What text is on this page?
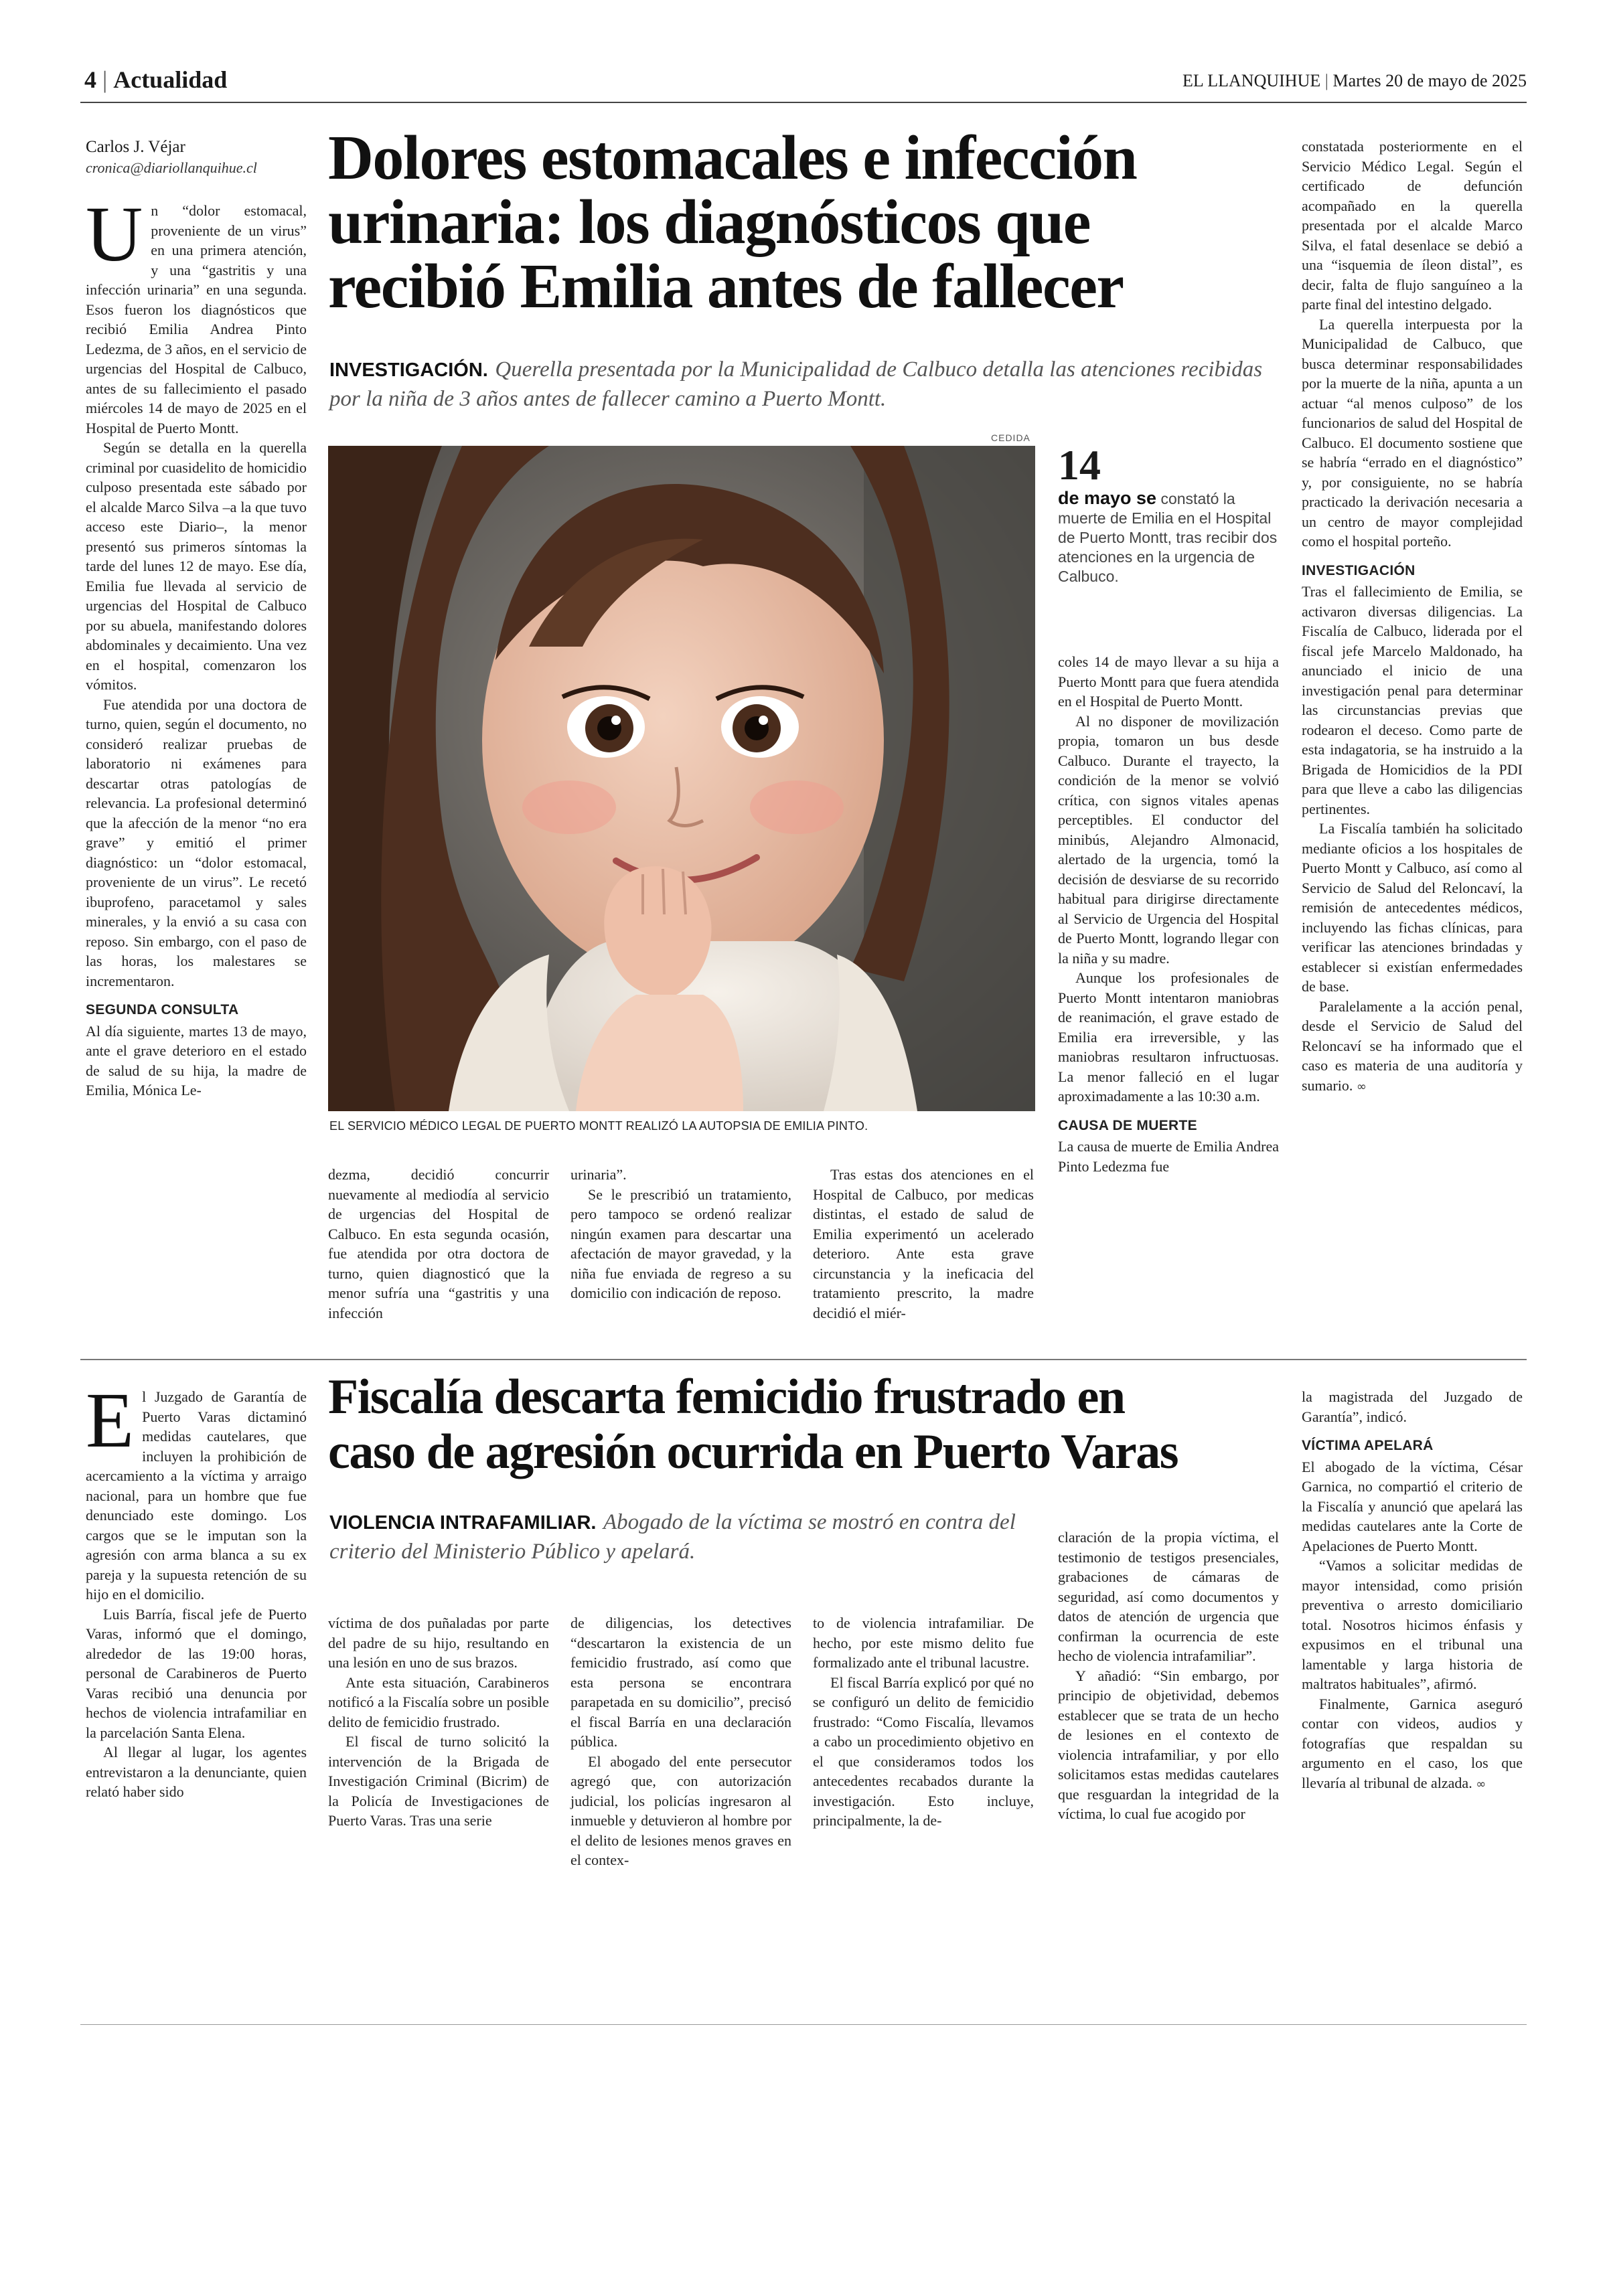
4 | Actualidad	EL LLANQUIHUE | Martes 20 de mayo de 2025
Carlos J. Véjar
cronica@diariollanquihue.cl	Dolores estomacales e infección
urinaria: los diagnósticos que
recibió Emilia antes de fallecer
INVESTIGACIÓN. Querella presentada por la Municipalidad de Calbuco detalla las atenciones recibidas por la niña de 3 años antes de fallecer camino a Puerto Montt.
CEDIDA
EL SERVICIO MÉDICO LEGAL DE PUERTO MONTT REALIZÓ LA AUTOPSIA DE EMILIA PINTO.
14
de mayo se constató la muerte de Emilia en el Hospital de Puerto Montt, tras recibir dos atenciones en la urgencia de Calbuco.

Un “dolor estomacal, proveniente de un virus” en una primera atención, y una “gastritis y una infección urinaria” en una segunda. Esos fueron los diagnósticos que recibió Emilia Andrea Pinto Ledezma, de 3 años, en el servicio de urgencias del Hospital de Calbuco, antes de su fallecimiento el pasado miércoles 14 de mayo de 2025 en el Hospital de Puerto Montt.

Según se detalla en la querella criminal por cuasidelito de homicidio culposo presentada este sábado por el alcalde Marco Silva –a la que tuvo acceso este Diario–, la menor presentó sus primeros síntomas la tarde del lunes 12 de mayo. Ese día, Emilia fue llevada al servicio de urgencias del Hospital de Calbuco por su abuela, manifestando dolores abdominales y decaimiento. Una vez en el hospital, comenzaron los vómitos.

Fue atendida por una doctora de turno, quien, según el documento, no consideró realizar pruebas de laboratorio ni exámenes para descartar otras patologías de relevancia. La profesional determinó que la afección de la menor “no era grave” y emitió el primer diagnóstico: un “dolor estomacal, proveniente de un virus”. Le recetó ibuprofeno, paracetamol y sales minerales, y la envió a su casa con reposo. Sin embargo, con el paso de las horas, los malestares se incrementaron.

SEGUNDA CONSULTA

Al día siguiente, martes 13 de mayo, ante el grave deterioro en el estado de salud de su hija, la madre de Emilia, Mónica Le-

dezma, decidió concurrir nuevamente al mediodía al servicio de urgencias del Hospital de Calbuco. En esta segunda ocasión, fue atendida por otra doctora de turno, quien diagnosticó que la menor sufría una “gastritis y una infección

urinaria”.

Se le prescribió un tratamiento, pero tampoco se ordenó realizar ningún examen para descartar una afectación de mayor gravedad, y la niña fue enviada de regreso a su domicilio con indicación de reposo.

Tras estas dos atenciones en el Hospital de Calbuco, por medicas distintas, el estado de salud de Emilia experimentó un acelerado deterioro. Ante esta grave circunstancia y la ineficacia del tratamiento prescrito, la madre decidió el miér-

coles 14 de mayo llevar a su hija a Puerto Montt para que fuera atendida en el Hospital de Puerto Montt.

Al no disponer de movilización propia, tomaron un bus desde Calbuco. Durante el trayecto, la condición de la menor se volvió crítica, con signos vitales apenas perceptibles. El conductor del minibús, Alejandro Almonacid, alertado de la urgencia, tomó la decisión de desviarse de su recorrido habitual para dirigirse directamente al Servicio de Urgencia del Hospital de Puerto Montt, logrando llegar con la niña y su madre.

Aunque los profesionales de Puerto Montt intentaron maniobras de reanimación, el grave estado de Emilia era irreversible, y las maniobras resultaron infructuosas. La menor falleció en el lugar aproximadamente a las 10:30 a.m.

CAUSA DE MUERTE

La causa de muerte de Emilia Andrea Pinto Ledezma fue

constatada posteriormente en el Servicio Médico Legal. Según el certificado de defunción acompañado en la querella presentada por el alcalde Marco Silva, el fatal desenlace se debió a una “isquemia de íleon distal”, es decir, falta de flujo sanguíneo a la parte final del intestino delgado.

La querella interpuesta por la Municipalidad de Calbuco, que busca determinar responsabilidades por la muerte de la niña, apunta a un actuar “al menos culposo” de los funcionarios de salud del Hospital de Calbuco. El documento sostiene que se habría “errado en el diagnóstico” y, por consiguiente, no se habría practicado la derivación necesaria a un centro de mayor complejidad como el hospital porteño.

INVESTIGACIÓN

Tras el fallecimiento de Emilia, se activaron diversas diligencias. La Fiscalía de Calbuco, liderada por el fiscal jefe Marcelo Maldonado, ha anunciado el inicio de una investigación penal para determinar las circunstancias previas que rodearon el deceso. Como parte de esta indagatoria, se ha instruido a la Brigada de Homicidios de la PDI para que lleve a cabo las diligencias pertinentes.

La Fiscalía también ha solicitado mediante oficios a los hospitales de Puerto Montt y Calbuco, así como al Servicio de Salud del Reloncaví, la remisión de antecedentes médicos, incluyendo las fichas clínicas, para verificar las atenciones brindadas y establecer si existían enfermedades de base.

Paralelamente a la acción penal, desde el Servicio de Salud del Reloncaví se ha informado que el caso es materia de una auditoría y sumario. ∞

Fiscalía descarta femicidio frustrado en
caso de agresión ocurrida en Puerto Varas
VIOLENCIA INTRAFAMILIAR. Abogado de la víctima se mostró en contra del criterio del Ministerio Público y apelará.

El Juzgado de Garantía de Puerto Varas dictaminó medidas cautelares, que incluyen la prohibición de acercamiento a la víctima y arraigo nacional, para un hombre que fue denunciado este domingo. Los cargos que se le imputan son la agresión con arma blanca a su ex pareja y la supuesta retención de su hijo en el domicilio.

Luis Barría, fiscal jefe de Puerto Varas, informó que el domingo, alrededor de las 19:00 horas, personal de Carabineros de Puerto Varas recibió una denuncia por hechos de violencia intrafamiliar en la parcelación Santa Elena.

Al llegar al lugar, los agentes entrevistaron a la denunciante, quien relató haber sido

víctima de dos puñaladas por parte del padre de su hijo, resultando en una lesión en uno de sus brazos.

Ante esta situación, Carabineros notificó a la Fiscalía sobre un posible delito de femicidio frustrado.

El fiscal de turno solicitó la intervención de la Brigada de Investigación Criminal (Bicrim) de la Policía de Investigaciones de Puerto Varas. Tras una serie

de diligencias, los detectives “descartaron la existencia de un femicidio frustrado, así como que esta persona se encontrara parapetada en su domicilio”, precisó el fiscal Barría en una declaración pública.

El abogado del ente persecutor agregó que, con autorización judicial, los policías ingresaron al inmueble y detuvieron al hombre por el delito de lesiones menos graves en el contex-

to de violencia intrafamiliar. De hecho, por este mismo delito fue formalizado ante el tribunal lacustre.

El fiscal Barría explicó por qué no se configuró un delito de femicidio frustrado: “Como Fiscalía, llevamos a cabo un procedimiento objetivo en el que consideramos todos los antecedentes recabados durante la investigación. Esto incluye, principalmente, la de-

claración de la propia víctima, el testimonio de testigos presenciales, grabaciones de cámaras de seguridad, así como documentos y datos de atención de urgencia que confirman la ocurrencia de este hecho de violencia intrafamiliar”.

Y añadió: “Sin embargo, por principio de objetividad, debemos establecer que se trata de un hecho de lesiones en el contexto de violencia intrafamiliar, y por ello solicitamos estas medidas cautelares que resguardan la integridad de la víctima, lo cual fue acogido por

la magistrada del Juzgado de Garantía”, indicó.

VÍCTIMA APELARÁ

El abogado de la víctima, César Garnica, no compartió el criterio de la Fiscalía y anunció que apelará las medidas cautelares ante la Corte de Apelaciones de Puerto Montt.

“Vamos a solicitar medidas de mayor intensidad, como prisión preventiva o arresto domiciliario total. Nosotros hicimos énfasis y expusimos en el tribunal una lamentable y larga historia de maltratos habituales”, afirmó.

Finalmente, Garnica aseguró contar con videos, audios y fotografías que respaldan su argumento en el caso, los que llevaría al tribunal de alzada. ∞
